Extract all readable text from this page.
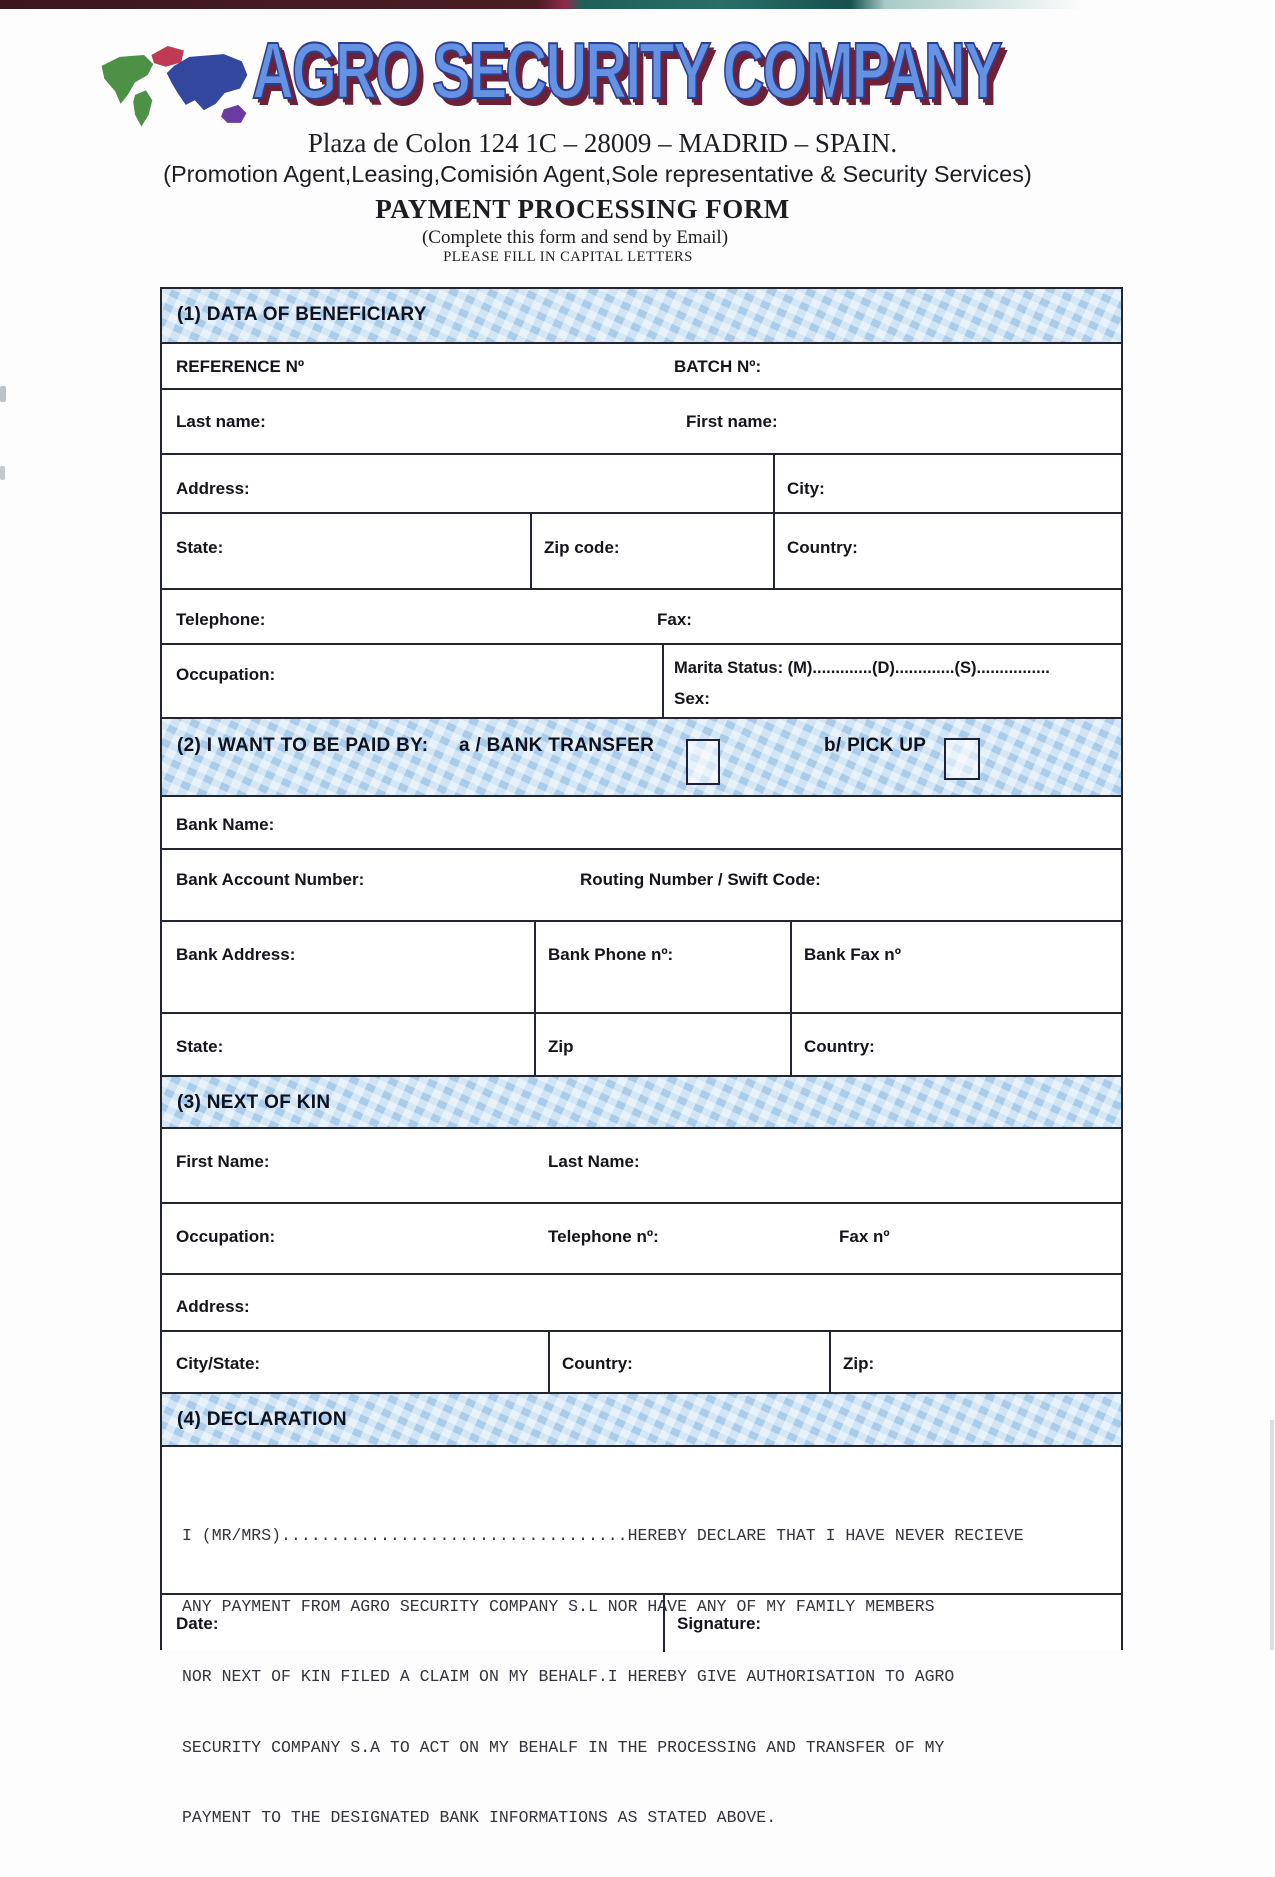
AGRO SECURITY COMPANY
Plaza de Colon 124 1C – 28009 – MADRID – SPAIN.
(Promotion Agent,Leasing,Comisión Agent,Sole representative & Security Services)
PAYMENT PROCESSING FORM
(Complete this form and send by Email)
PLEASE FILL IN CAPITAL LETTERS
(1) DATA OF BENEFICIARY
REFERENCE Nº	BATCH Nº:
Last name:	First name:
Address:	City:
State:	Zip code:	Country:
Telephone:	Fax:
Occupation:	Marita Status: (M).............(D).............(S)................
Sex:
(2) I WANT TO BE PAID BY: a / BANK TRANSFER	b/ PICK UP
Bank Name:
Bank Account Number:	Routing Number / Swift Code:
Bank Address:	Bank Phone nº:	Bank Fax nº
State:	Zip	Country:
(3) NEXT OF KIN
First Name:	Last Name:
Occupation:	Telephone nº:	Fax nº
Address:
City/State:	Country:	Zip:
(4) DECLARATION

I (MR/MRS)...................................HEREBY DECLARE THAT I HAVE NEVER RECIEVE

ANY PAYMENT FROM AGRO SECURITY COMPANY S.L NOR HAVE ANY OF MY FAMILY MEMBERS

NOR NEXT OF KIN FILED A CLAIM ON MY BEHALF.I HEREBY GIVE AUTHORISATION TO AGRO

SECURITY COMPANY S.A TO ACT ON MY BEHALF IN THE PROCESSING AND TRANSFER OF MY

PAYMENT TO THE DESIGNATED BANK INFORMATIONS AS STATED ABOVE.

Date:	Signature:
